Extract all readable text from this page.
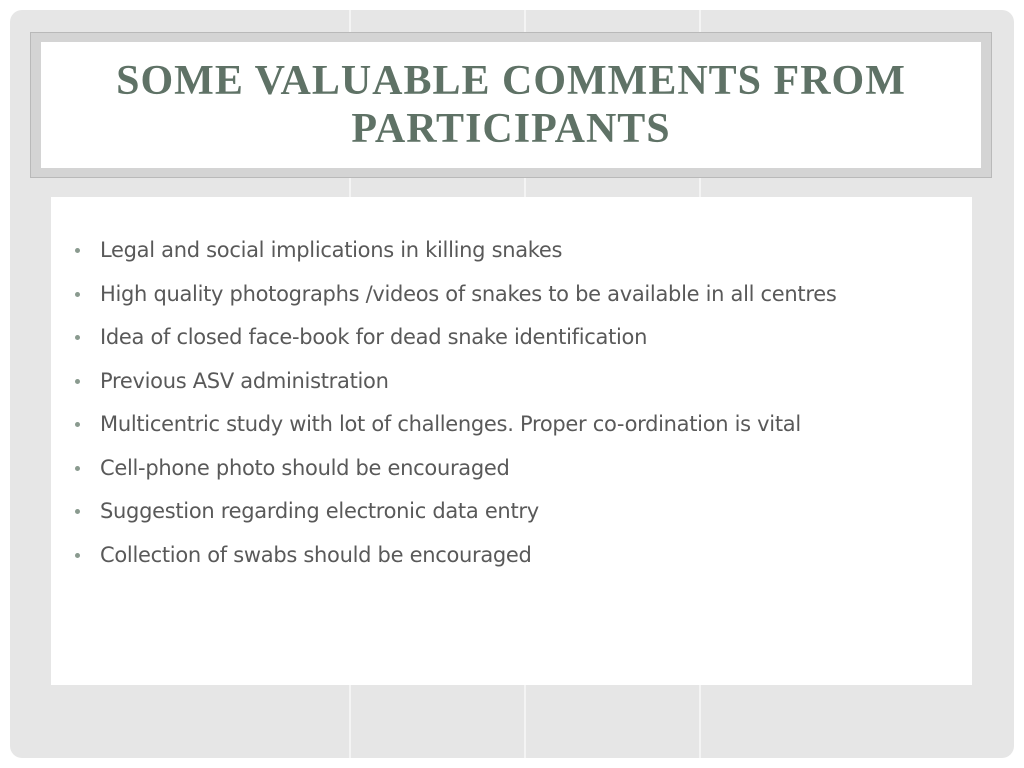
SOME VALUABLE COMMENTS FROM PARTICIPANTS
Legal and social implications in killing snakes
High quality photographs /videos of snakes to be available in all centres
Idea of closed face-book for dead snake identification
Previous ASV administration
Multicentric study with lot of challenges. Proper co-ordination is vital
Cell-phone photo should be encouraged
Suggestion regarding electronic data entry
Collection of swabs should be encouraged
